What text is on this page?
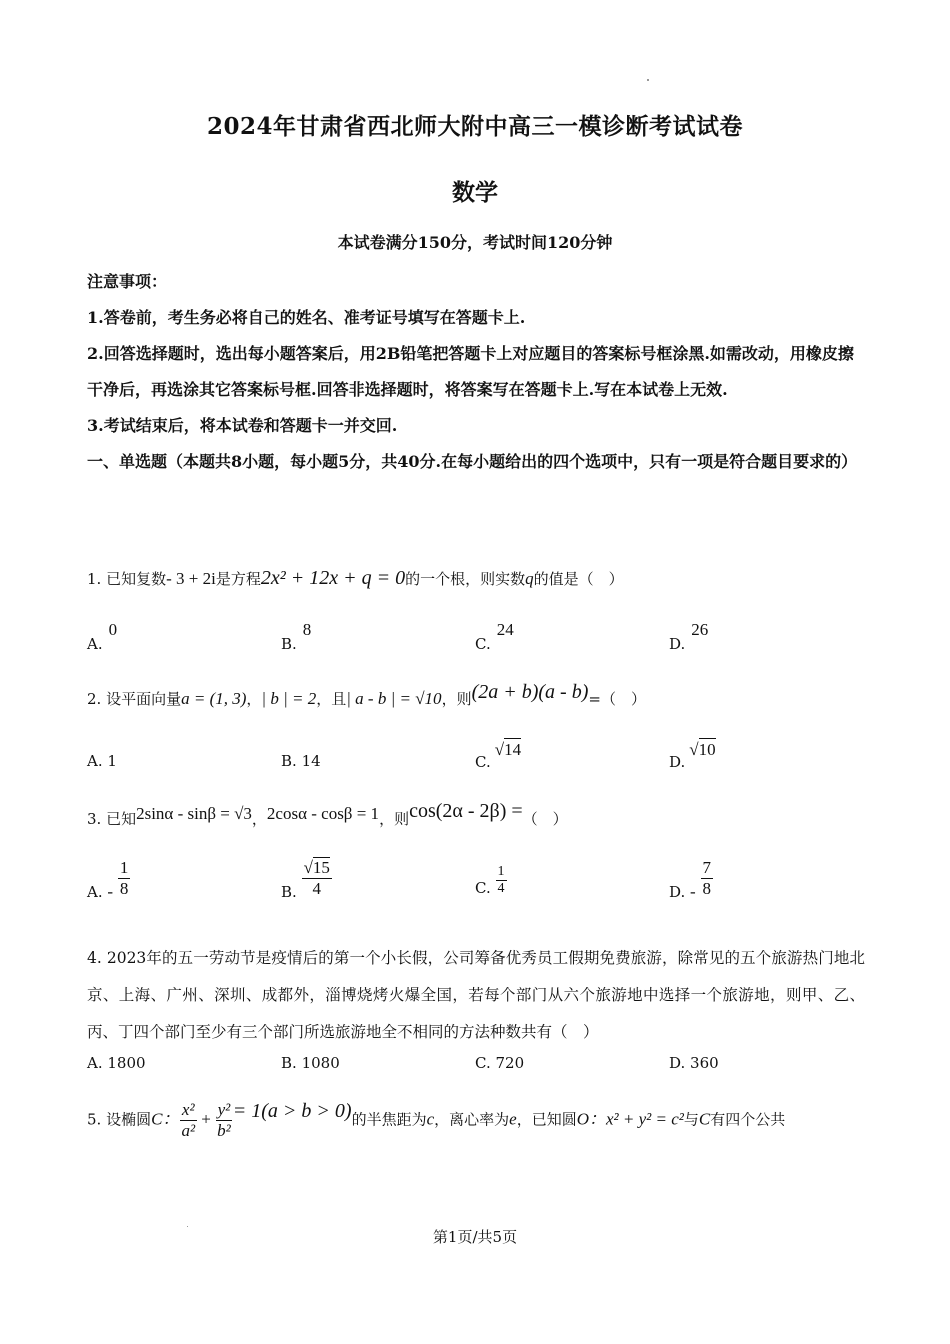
2024年甘肃省西北师大附中高三一模诊断考试试卷
数学
本试卷满分150分，考试时间120分钟

注意事项：

1.答卷前，考生务必将自己的姓名、准考证号填写在答题卡上.

2.回答选择题时，选出每小题答案后，用2B铅笔把答题卡上对应题目的答案标号框涂黑.如需改动，用橡皮擦干净后，再选涂其它答案标号框.回答非选择题时，将答案写在答题卡上.写在本试卷上无效.

3.考试结束后，将本试卷和答题卡一并交回.

一、单选题（本题共8小题，每小题5分，共40分.在每小题给出的四个选项中，只有一项是符合题目要求的）

1. 已知复数- 3 + 2i是方程2x² + 12x + q = 0的一个根，则实数q的值是（　）
A.0
B.8
C.24
D.26
2. 设平面向量a = (1, 3)，| b | = 2，且| a - b | = √10，则(2a + b)(a - b)=（　）
A. 1	B. 14	C.√14
D.√10
3. 已知2sinα - sinβ = √3，2cosα - cosβ = 1，则cos(2α - 2β) =（　）
A. - $\frac{1}{8}$	B. $\frac{√15}{4}$	C. $\frac{1}{4}$	D. - $\frac{7}{8}$
4. 2023年的五一劳动节是疫情后的第一个小长假，公司筹备优秀员工假期免费旅游，除常见的五个旅游热门地北京、上海、广州、深圳、成都外，淄博烧烤火爆全国，若每个部门从六个旅游地中选择一个旅游地，则甲、乙、丙、丁四个部门至少有三个部门所选旅游地全不相同的方法种数共有（　）
A. 1800	B. 1080	C. 720	D. 360
5. 设椭圆C： $\frac{\text{x²}}{\text{a²}} + \frac{\text{y²}}{\text{b²}} = 1(a > b > 0)$的半焦距为c，离心率为e，已知圆O：x² + y² = c²与C有四个公共
第1页/共5页
